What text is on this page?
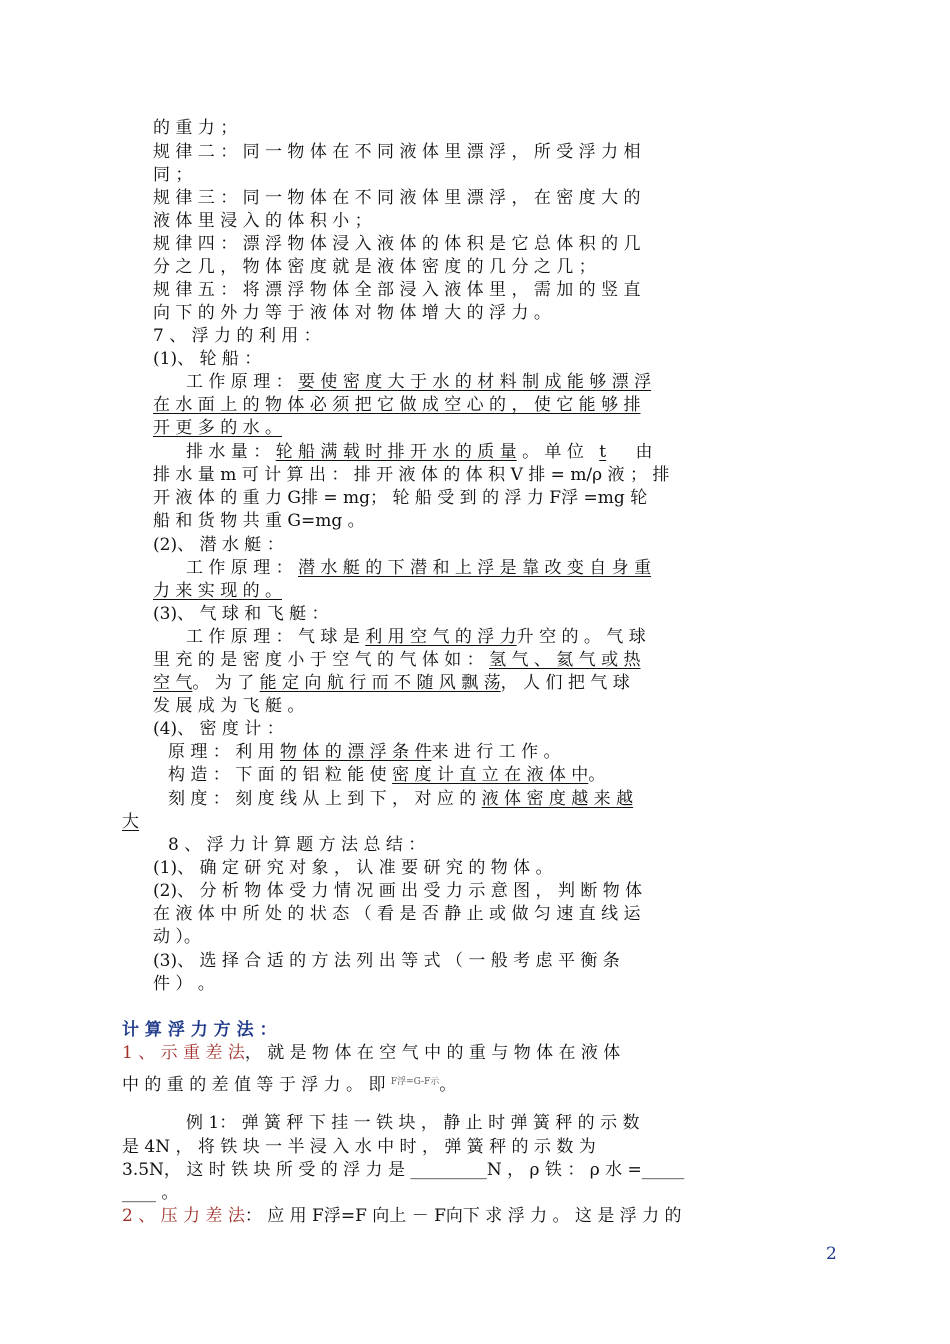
的 重 力 ；
规 律 二 ： 同 一 物 体 在 不 同 液 体 里 漂 浮 ， 所 受 浮 力 相
同 ；
规 律 三 ： 同 一 物 体 在 不 同 液 体 里 漂 浮 ， 在 密 度 大 的
液 体 里 浸 入 的 体 积 小 ；
规 律 四 ： 漂 浮 物 体 浸 入 液 体 的 体 积 是 它 总 体 积 的 几
分 之 几 ， 物 体 密 度 就 是 液 体 密 度 的 几 分 之 几 ；
规 律 五 ： 将 漂 浮 物 体 全 部 浸 入 液 体 里 ， 需 加 的 竖 直
向 下 的 外 力 等 于 液 体 对 物 体 增 大 的 浮 力 。
7 、 浮 力 的 利 用 ：
(1)、 轮 船 ：
工 作 原 理 ： 要 使 密 度 大 于 水 的 材 料 制 成 能 够 漂 浮
在 水 面 上 的 物 体 必 须 把 它 做 成 空 心 的 ， 使 它 能 够 排
开 更 多 的 水 。
排 水 量 ： 轮 船 满 载 时 排 开 水 的 质 量 。 单 位 t 由
排 水 量 m 可 计 算 出 ： 排 开 液 体 的 体 积 V 排 = m/ρ 液 ； 排
开 液 体 的 重 力 G排 = mg； 轮 船 受 到 的 浮 力 F浮 =mg 轮
船 和 货 物 共 重 G=mg 。
(2)、 潜 水 艇 ：
工 作 原 理 ： 潜 水 艇 的 下 潜 和 上 浮 是 靠 改 变 自 身 重
力 来 实 现 的 。
(3)、 气 球 和 飞 艇 ：
工 作 原 理 ： 气 球 是 利 用 空 气 的 浮 力升 空 的 。 气 球
里 充 的 是 密 度 小 于 空 气 的 气 体 如 ： 氢 气 、 氦 气 或 热
空 气。 为 了 能 定 向 航 行 而 不 随 风 飘 荡， 人 们 把 气 球
发 展 成 为 飞 艇 。
(4)、 密 度 计 ：
原 理 ： 利 用 物 体 的 漂 浮 条 件来 进 行 工 作 。
构 造 ： 下 面 的 铝 粒 能 使 密 度 计 直 立 在 液 体 中。
刻 度 ： 刻 度 线 从 上 到 下 ， 对 应 的 液 体 密 度 越 来 越
大
8 、 浮 力 计 算 题 方 法 总 结 ：
(1)、 确 定 研 究 对 象 ， 认 准 要 研 究 的 物 体 。
(2)、 分 析 物 体 受 力 情 况 画 出 受 力 示 意 图 ， 判 断 物 体
在 液 体 中 所 处 的 状 态 （ 看 是 否 静 止 或 做 匀 速 直 线 运
动 ）。
(3)、 选 择 合 适 的 方 法 列 出 等 式 （ 一 般 考 虑 平 衡 条
件 ） 。
计 算 浮 力 方 法 ：
1 、 示 重 差 法， 就 是 物 体 在 空 气 中 的 重 与 物 体 在 液 体
中 的 重 的 差 值 等 于 浮 力 。 即 $^{F浮=G-F示}$。
例 1： 弹 簧 秤 下 挂 一 铁 块 ， 静 止 时 弹 簧 秤 的 示 数
是 4N ， 将 铁 块 一 半 浸 入 水 中 时 ， 弹 簧 秤 的 示 数 为
3.5N， 这 时 铁 块 所 受 的 浮 力 是 _________N ， ρ 铁 ： ρ 水 =_____
____ 。
2 、 压 力 差 法： 应 用 F浮=F 向上 － F向下 求 浮 力 。 这 是 浮 力 的
2
